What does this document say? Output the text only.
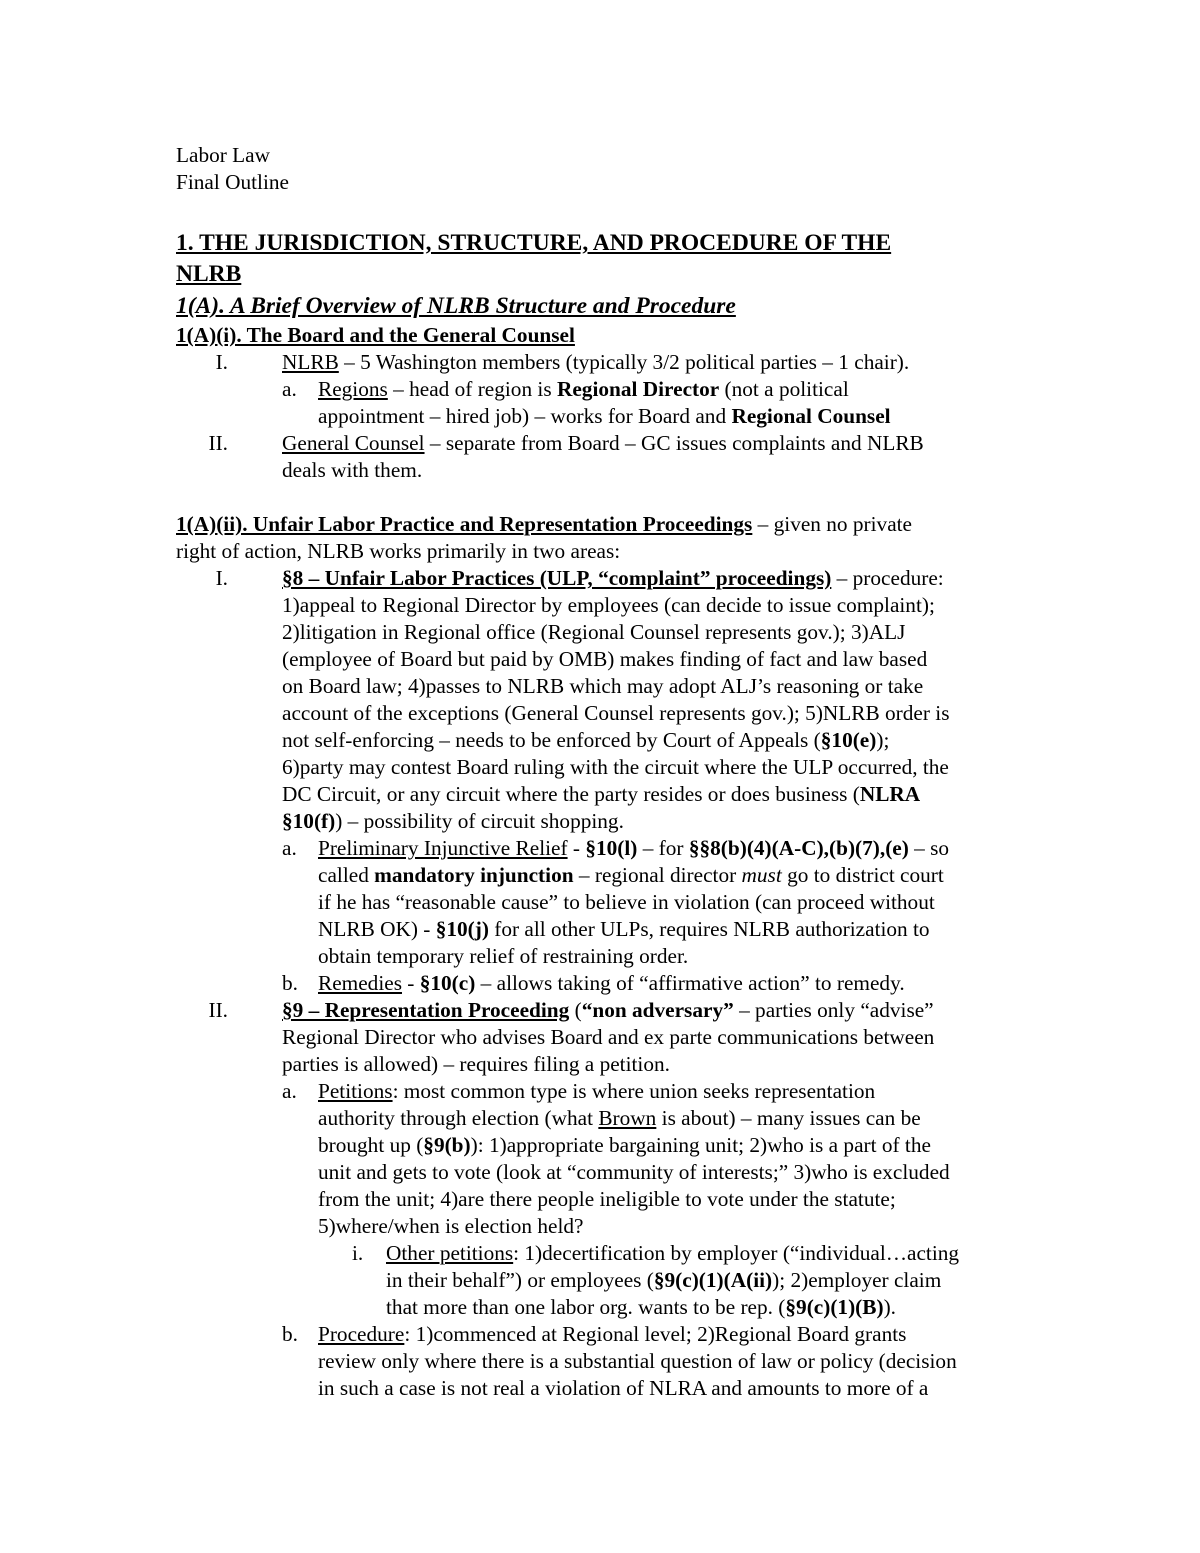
Labor Law
Final Outline
1. THE JURISDICTION, STRUCTURE, AND PROCEDURE OF THE
NLRB
1(A). A Brief Overview of NLRB Structure and Procedure
1(A)(i). The Board and the General Counsel
I.	NLRB – 5 Washington members (typically 3/2 political parties – 1 chair).
a. Regions – head of region is Regional Director (not a political
appointment – hired job) – works for Board and Regional Counsel
II.	General Counsel – separate from Board – GC issues complaints and NLRB
deals with them.
1(A)(ii). Unfair Labor Practice and Representation Proceedings – given no private
right of action, NLRB works primarily in two areas:
I.	§8 – Unfair Labor Practices (ULP, “complaint” proceedings) – procedure:
1)appeal to Regional Director by employees (can decide to issue complaint);
2)litigation in Regional office (Regional Counsel represents gov.); 3)ALJ
(employee of Board but paid by OMB) makes finding of fact and law based
on Board law; 4)passes to NLRB which may adopt ALJ’s reasoning or take
account of the exceptions (General Counsel represents gov.); 5)NLRB order is
not self-enforcing – needs to be enforced by Court of Appeals (§10(e));
6)party may contest Board ruling with the circuit where the ULP occurred, the
DC Circuit, or any circuit where the party resides or does business (NLRA
§10(f)) – possibility of circuit shopping.
a. Preliminary Injunctive Relief - §10(l) – for §§8(b)(4)(A-C),(b)(7),(e) – so
called mandatory injunction – regional director must go to district court
if he has “reasonable cause” to believe in violation (can proceed without
NLRB OK) - §10(j) for all other ULPs, requires NLRB authorization to
obtain temporary relief of restraining order.
b. Remedies - §10(c) – allows taking of “affirmative action” to remedy.
II.	§9 – Representation Proceeding (“non adversary” – parties only “advise”
Regional Director who advises Board and ex parte communications between
parties is allowed) – requires filing a petition.
a. Petitions: most common type is where union seeks representation
authority through election (what Brown is about) – many issues can be
brought up (§9(b)): 1)appropriate bargaining unit; 2)who is a part of the
unit and gets to vote (look at “community of interests;” 3)who is excluded
from the unit; 4)are there people ineligible to vote under the statute;
5)where/when is election held?
i.	Other petitions: 1)decertification by employer (“individual…acting
in their behalf”) or employees (§9(c)(1)(A(ii)); 2)employer claim
that more than one labor org. wants to be rep. (§9(c)(1)(B)).
b. Procedure: 1)commenced at Regional level; 2)Regional Board grants
review only where there is a substantial question of law or policy (decision
in such a case is not real a violation of NLRA and amounts to more of a
